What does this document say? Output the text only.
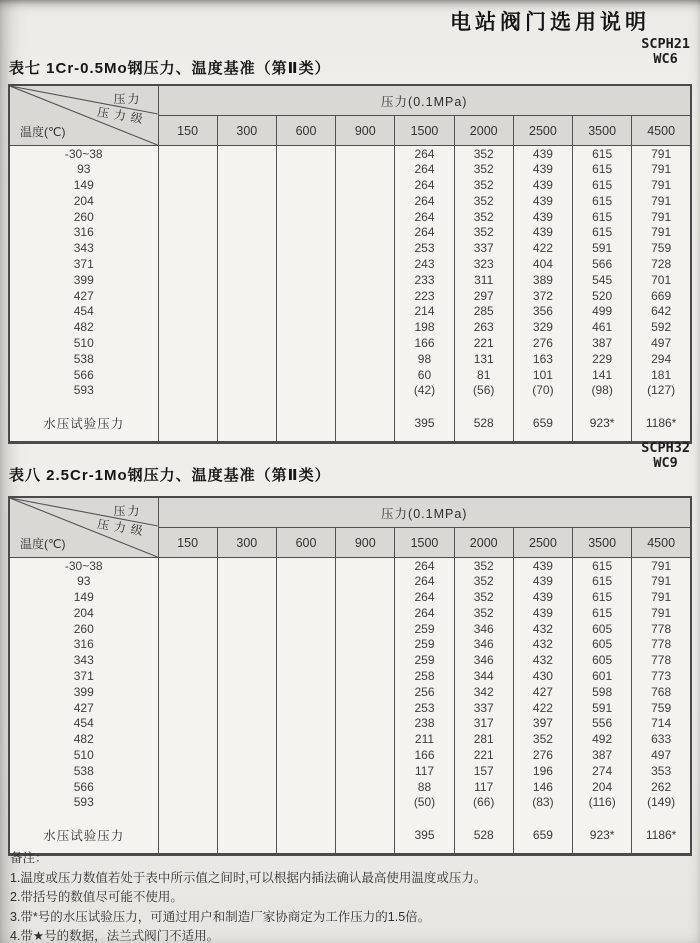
电站阀门选用说明
SCPH21
WC6
表七 1Cr-0.5Mo钢压力、温度基准（第Ⅱ类）
压力
压力级
温度(℃)	压力(0.1MPa)								
	150	300	600	900	1500	2000	2500	3500	4500
-30~38					264	352	439	615	791
93					264	352	439	615	791
149					264	352	439	615	791
204					264	352	439	615	791
260					264	352	439	615	791
316					264	352	439	615	791
343					253	337	422	591	759
371					243	323	404	566	728
399					233	311	389	545	701
427					223	297	372	520	669
454					214	285	356	499	642
482					198	263	329	461	592
510					166	221	276	387	497
538					98	131	163	229	294
566					60	81	101	141	181
593					(42)	(56)	(70)	(98)	(127)
水压试验压力					395	528	659	923*	1186*
SCPH32
WC9
表八 2.5Cr-1Mo钢压力、温度基准（第Ⅱ类）
压力
压力级
温度(℃)	压力(0.1MPa)								
	150	300	600	900	1500	2000	2500	3500	4500
-30~38					264	352	439	615	791
93					264	352	439	615	791
149					264	352	439	615	791
204					264	352	439	615	791
260					259	346	432	605	778
316					259	346	432	605	778
343					259	346	432	605	778
371					258	344	430	601	773
399					256	342	427	598	768
427					253	337	422	591	759
454					238	317	397	556	714
482					211	281	352	492	633
510					166	221	276	387	497
538					117	157	196	274	353
566					88	117	146	204	262
593					(50)	(66)	(83)	(116)	(149)
水压试验压力					395	528	659	923*	1186*
备注：
1.温度或压力数值若处于表中所示值之间时,可以根据内插法确认最高使用温度或压力。
2.带括号的数值尽可能不使用。
3.带*号的水压试验压力，可通过用户和制造厂家协商定为工作压力的1.5倍。
4.带★号的数据，法兰式阀门不适用。
